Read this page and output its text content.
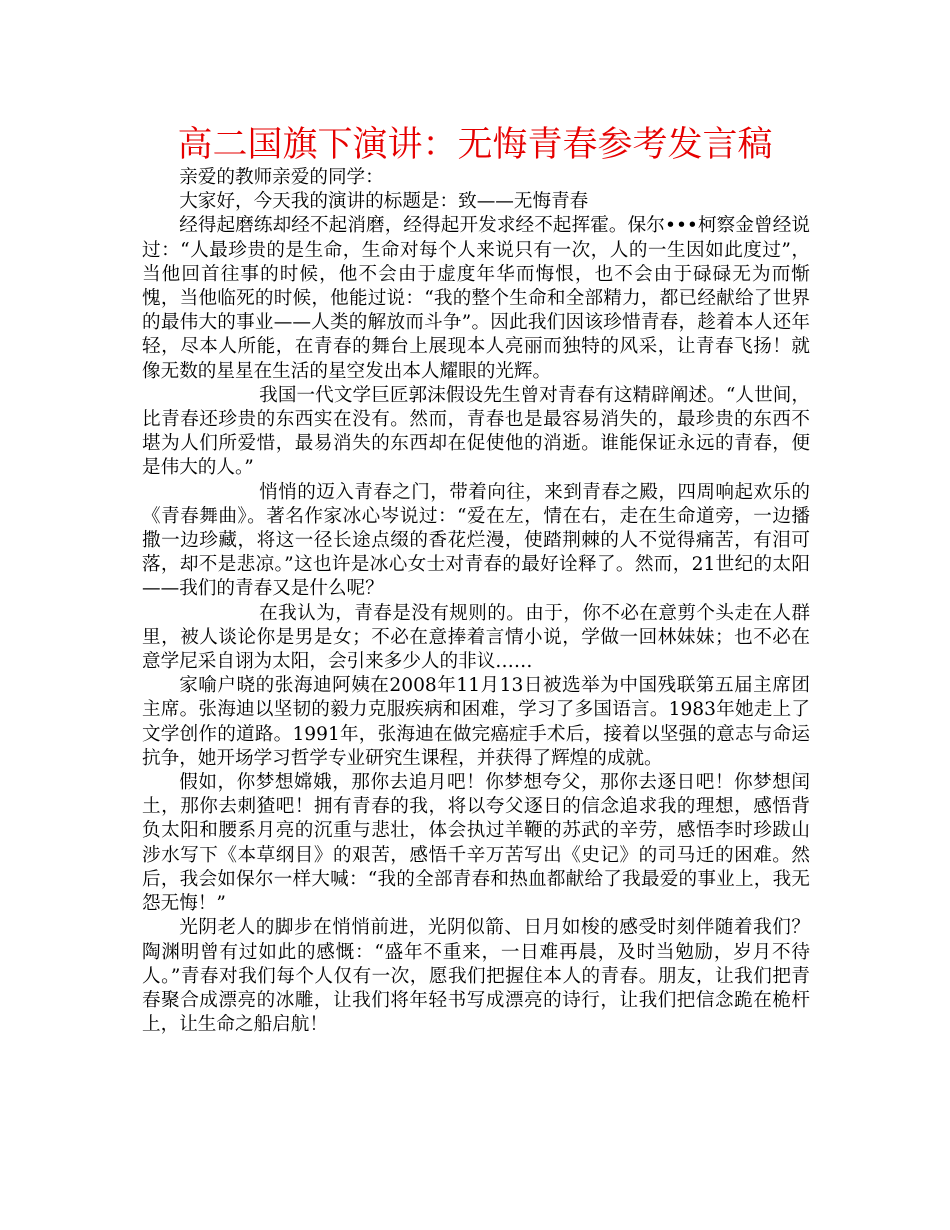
高二国旗下演讲：无悔青春参考发言稿

亲爱的教师亲爱的同学：

大家好，今天我的演讲的标题是：致——无悔青春

经得起磨练却经不起消磨，经得起开发求经不起挥霍。保尔•••柯察金曾经说过：“人最珍贵的是生命，生命对每个人来说只有一次，人的一生因如此度过”，当他回首往事的时候，他不会由于虚度年华而悔恨，也不会由于碌碌无为而惭愧，当他临死的时候，他能过说：“我的整个生命和全部精力，都已经献给了世界的最伟大的事业——人类的解放而斗争”。因此我们因该珍惜青春，趁着本人还年轻，尽本人所能，在青春的舞台上展现本人亮丽而独特的风采，让青春飞扬！就像无数的星星在生活的星空发出本人耀眼的光辉。

我国一代文学巨匠郭沫假设先生曾对青春有这精辟阐述。“人世间，比青春还珍贵的东西实在没有。然而，青春也是最容易消失的，最珍贵的东西不堪为人们所爱惜，最易消失的东西却在促使他的消逝。谁能保证永远的青春，便是伟大的人。”

悄悄的迈入青春之门，带着向往，来到青春之殿，四周响起欢乐的《青春舞曲》。著名作家冰心岑说过：“爱在左，情在右，走在生命道旁，一边播撒一边珍藏，将这一径长途点缀的香花烂漫，使踏荆棘的人不觉得痛苦，有泪可落，却不是悲凉。”这也许是冰心女士对青春的最好诠释了。然而，21世纪的太阳——我们的青春又是什么呢？

在我认为，青春是没有规则的。由于，你不必在意剪个头走在人群里，被人谈论你是男是女；不必在意捧着言情小说，学做一回林妹妹；也不必在意学尼采自诩为太阳，会引来多少人的非议……

家喻户晓的张海迪阿姨在2008年11月13日被选举为中国残联第五届主席团主席。张海迪以坚韧的毅力克服疾病和困难，学习了多国语言。1983年她走上了文学创作的道路。1991年，张海迪在做完癌症手术后，接着以坚强的意志与命运抗争，她开场学习哲学专业研究生课程，并获得了辉煌的成就。

假如，你梦想嫦娥，那你去追月吧！你梦想夸父，那你去逐日吧！你梦想闰土，那你去刺猹吧！拥有青春的我，将以夸父逐日的信念追求我的理想，感悟背负太阳和腰系月亮的沉重与悲壮，体会执过羊鞭的苏武的辛劳，感悟李时珍跋山涉水写下《本草纲目》的艰苦，感悟千辛万苦写出《史记》的司马迁的困难。然后，我会如保尔一样大喊：“我的全部青春和热血都献给了我最爱的事业上，我无怨无悔！”

光阴老人的脚步在悄悄前进，光阴似箭、日月如梭的感受时刻伴随着我们？陶渊明曾有过如此的感慨：“盛年不重来，一日难再晨，及时当勉励，岁月不待人。”青春对我们每个人仅有一次，愿我们把握住本人的青春。朋友，让我们把青春聚合成漂亮的冰雕，让我们将年轻书写成漂亮的诗行，让我们把信念跪在桅杆上，让生命之船启航！
